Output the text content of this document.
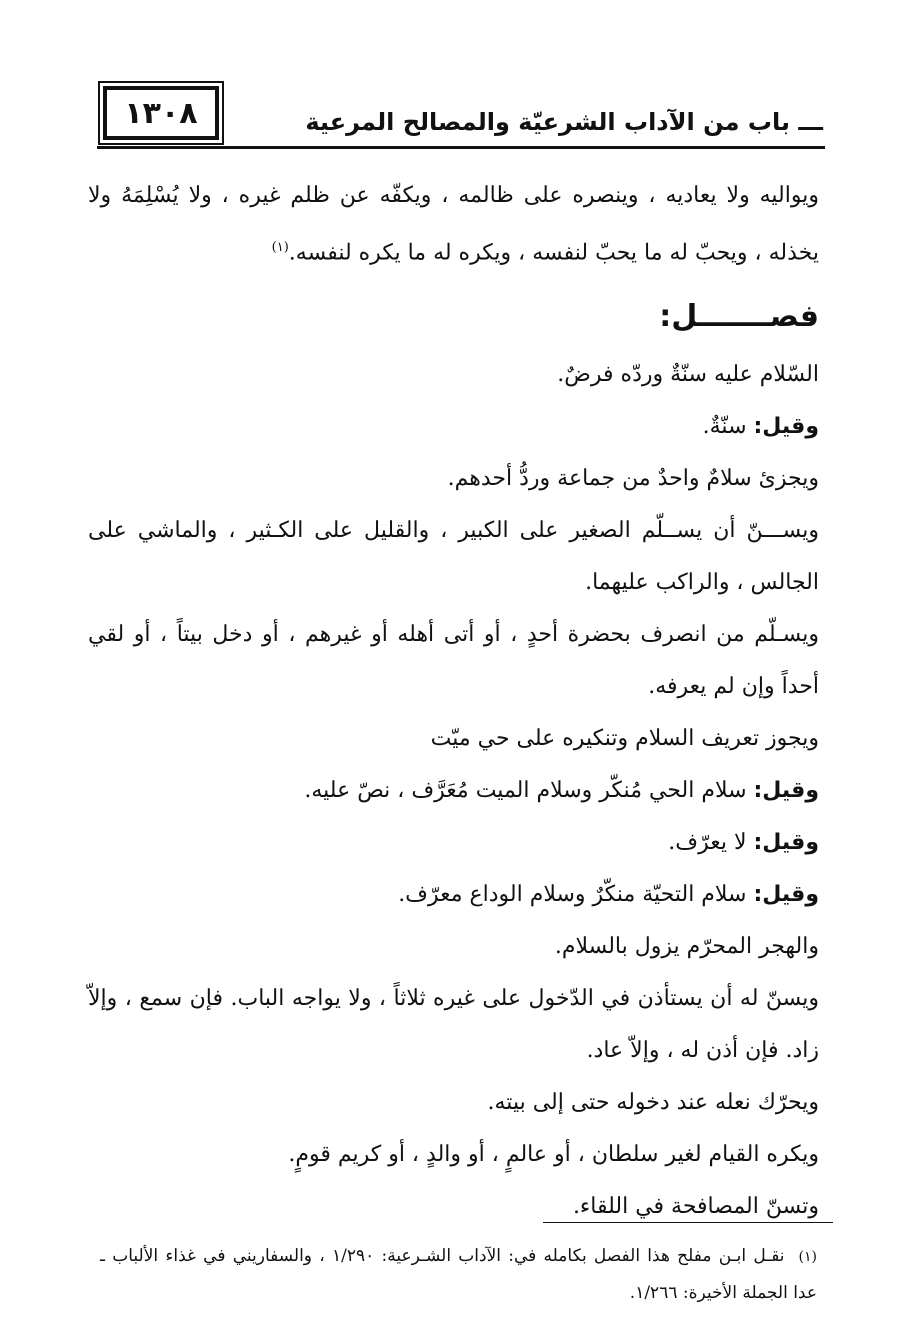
١٣٠٨	ـــ باب من الآداب الشرعيّة والمصالح المرعية

ويواليه ولا يعاديه ، وينصره على ظالمه ، ويكفّه عن ظلم غيره ، ولا يُسْلِمَهُ ولا يخذله ، ويحبّ له ما يحبّ لنفسه ، ويكره له ما يكره لنفسه.$^{(١)}$

فصـــــــل:

السّلام عليه سنّةٌ وردّه فرضٌ.

وقيل: سنّةٌ.

ويجزئ سلامٌ واحدٌ من جماعة وردُّ أحدهم.

ويســـنّ أن يســلّم الصغير على الكبير ، والقليل على الكـثير ، والماشي على الجالس ، والراكب عليهما.

ويسـلّم من انصرف بحضرة أحدٍ ، أو أتى أهله أو غيرهم ، أو دخل بيتاً ، أو لقي أحداً وإن لم يعرفه.

ويجوز تعريف السلام وتنكيره على حي ميّت

وقيل: سلام الحي مُنكّر وسلام الميت مُعَرَّف ، نصّ عليه.

وقيل: لا يعرّف.

وقيل: سلام التحيّة منكّرٌ وسلام الوداع معرّف.

والهجر المحرّم يزول بالسلام.

ويسنّ له أن يستأذن في الدّخول على غيره ثلاثاً ، ولا يواجه الباب. فإن سمع ، وإلاّ زاد. فإن أذن له ، وإلاّ عاد.

ويحرّك نعله عند دخوله حتى إلى بيته.

ويكره القيام لغير سلطان ، أو عالمٍ ، أو والدٍ ، أو كريم قومٍ.

وتسنّ المصافحة في اللقاء.

(١)نقـل ابـن مفلح هذا الفصل بكامله في: الآداب الشـرعية: ١/٢٩٠ ، والسفاريني في غذاء الألباب ـ عدا الجملة الأخيرة: ١/٢٦٦.
